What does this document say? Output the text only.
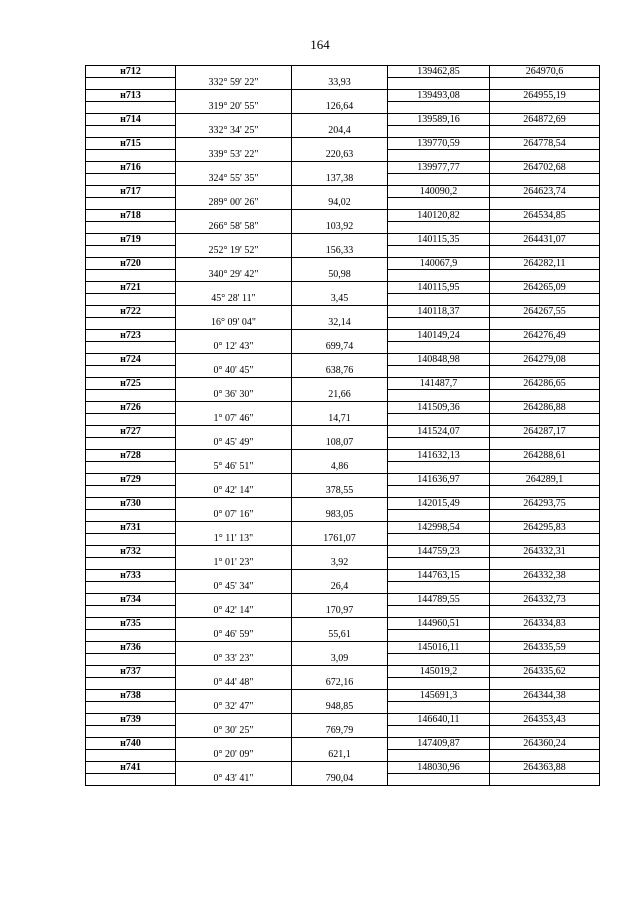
164
н712			139462,85	264970,6
	332° 59' 22"	33,93		
н713			139493,08	264955,19
	319° 20' 55"	126,64		
н714			139589,16	264872,69
	332° 34' 25"	204,4		
н715			139770,59	264778,54
	339° 53' 22"	220,63		
н716			139977,77	264702,68
	324° 55' 35"	137,38		
н717			140090,2	264623,74
	289° 00' 26"	94,02		
н718			140120,82	264534,85
	266° 58' 58"	103,92		
н719			140115,35	264431,07
	252° 19' 52"	156,33		
н720			140067,9	264282,11
	340° 29' 42"	50,98		
н721			140115,95	264265,09
	45° 28' 11"	3,45		
н722			140118,37	264267,55
	16° 09' 04"	32,14		
н723			140149,24	264276,49
	0° 12' 43"	699,74		
н724			140848,98	264279,08
	0° 40' 45"	638,76		
н725			141487,7	264286,65
	0° 36' 30"	21,66		
н726			141509,36	264286,88
	1° 07' 46"	14,71		
н727			141524,07	264287,17
	0° 45' 49"	108,07		
н728			141632,13	264288,61
	5° 46' 51"	4,86		
н729			141636,97	264289,1
	0° 42' 14"	378,55		
н730			142015,49	264293,75
	0° 07' 16"	983,05		
н731			142998,54	264295,83
	1° 11' 13"	1761,07		
н732			144759,23	264332,31
	1° 01' 23"	3,92		
н733			144763,15	264332,38
	0° 45' 34"	26,4		
н734			144789,55	264332,73
	0° 42' 14"	170,97		
н735			144960,51	264334,83
	0° 46' 59"	55,61		
н736			145016,11	264335,59
	0° 33' 23"	3,09		
н737			145019,2	264335,62
	0° 44' 48"	672,16		
н738			145691,3	264344,38
	0° 32' 47"	948,85		
н739			146640,11	264353,43
	0° 30' 25"	769,79		
н740			147409,87	264360,24
	0° 20' 09"	621,1		
н741			148030,96	264363,88
	0° 43' 41"	790,04		
